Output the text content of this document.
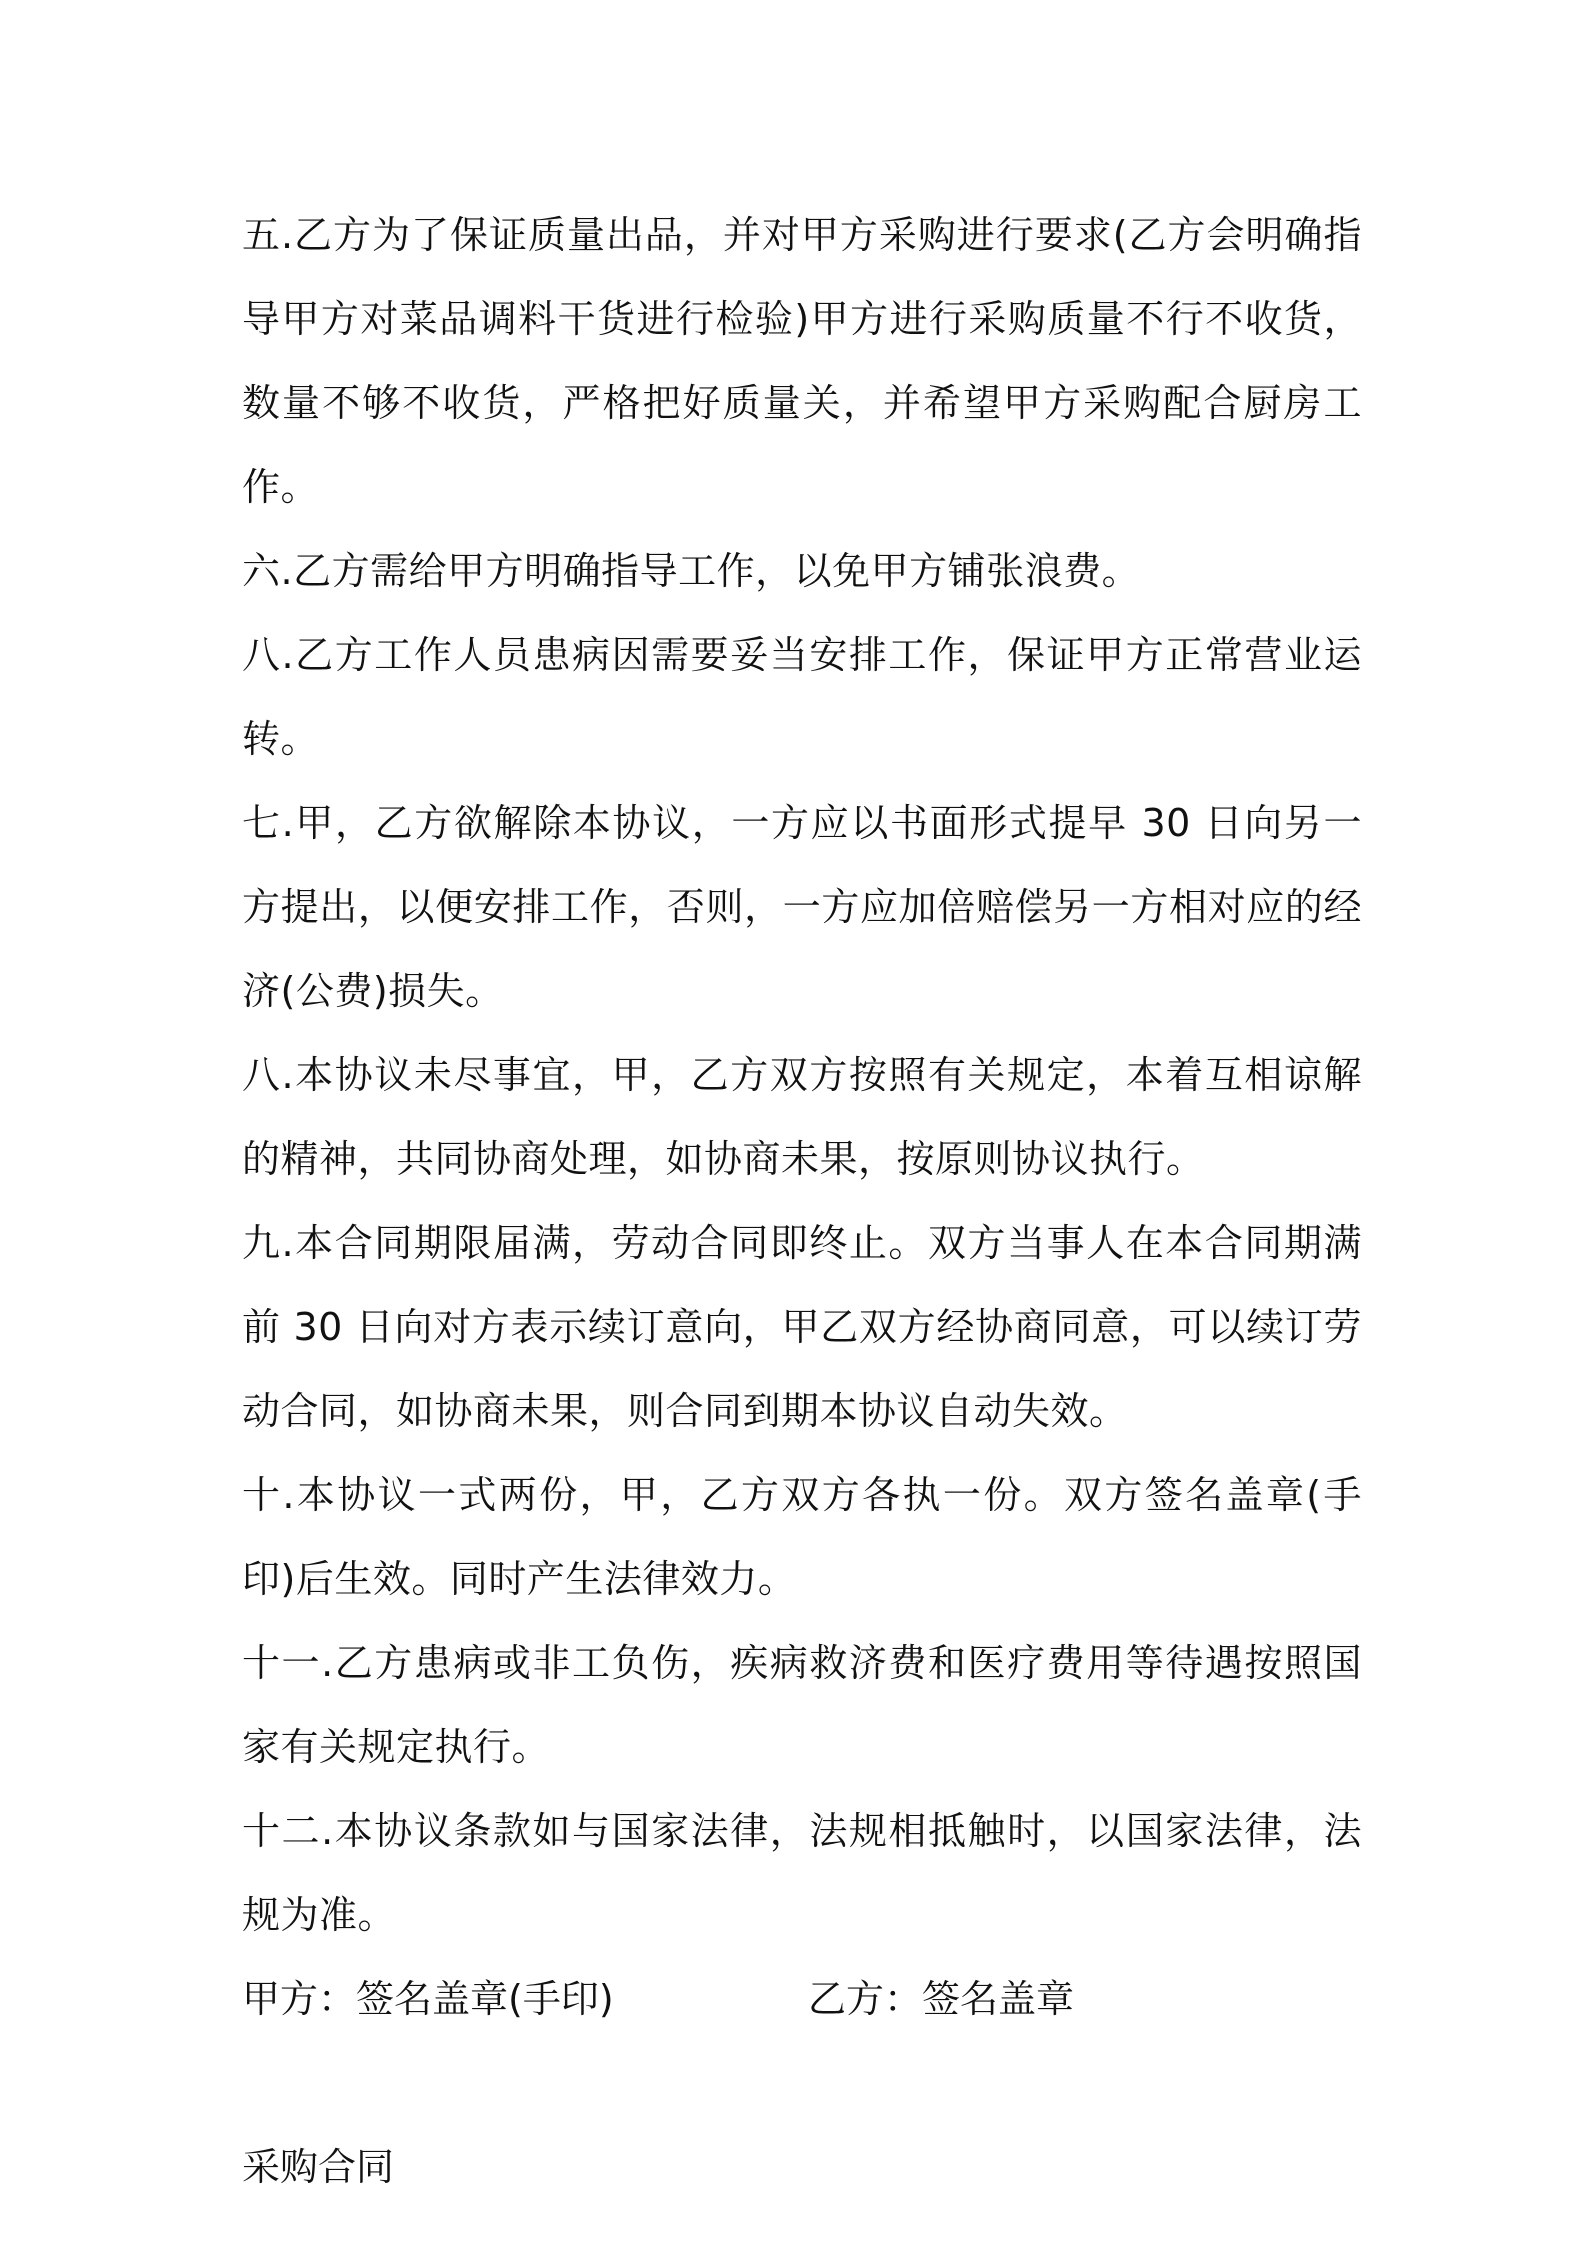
五.乙方为了保证质量出品，并对甲方采购进行要求(乙方会明确指导甲方对菜品调料干货进行检验)甲方进行采购质量不行不收货，数量不够不收货，严格把好质量关，并希望甲方采购配合厨房工作。

六.乙方需给甲方明确指导工作，以免甲方铺张浪费。

八.乙方工作人员患病因需要妥当安排工作，保证甲方正常营业运转。

七.甲，乙方欲解除本协议，一方应以书面形式提早 30 日向另一方提出，以便安排工作，否则，一方应加倍赔偿另一方相对应的经济(公费)损失。

八.本协议未尽事宜，甲，乙方双方按照有关规定，本着互相谅解的精神，共同协商处理，如协商未果，按原则协议执行。

九.本合同期限届满，劳动合同即终止。双方当事人在本合同期满前 30 日向对方表示续订意向，甲乙双方经协商同意，可以续订劳动合同，如协商未果，则合同到期本协议自动失效。

十.本协议一式两份，甲，乙方双方各执一份。双方签名盖章(手印)后生效。同时产生法律效力。

十一.乙方患病或非工负伤，疾病救济费和医疗费用等待遇按照国家有关规定执行。

十二.本协议条款如与国家法律，法规相抵触时，以国家法律，法规为准。

甲方：签名盖章(手印)	乙方：签名盖章

采购合同
